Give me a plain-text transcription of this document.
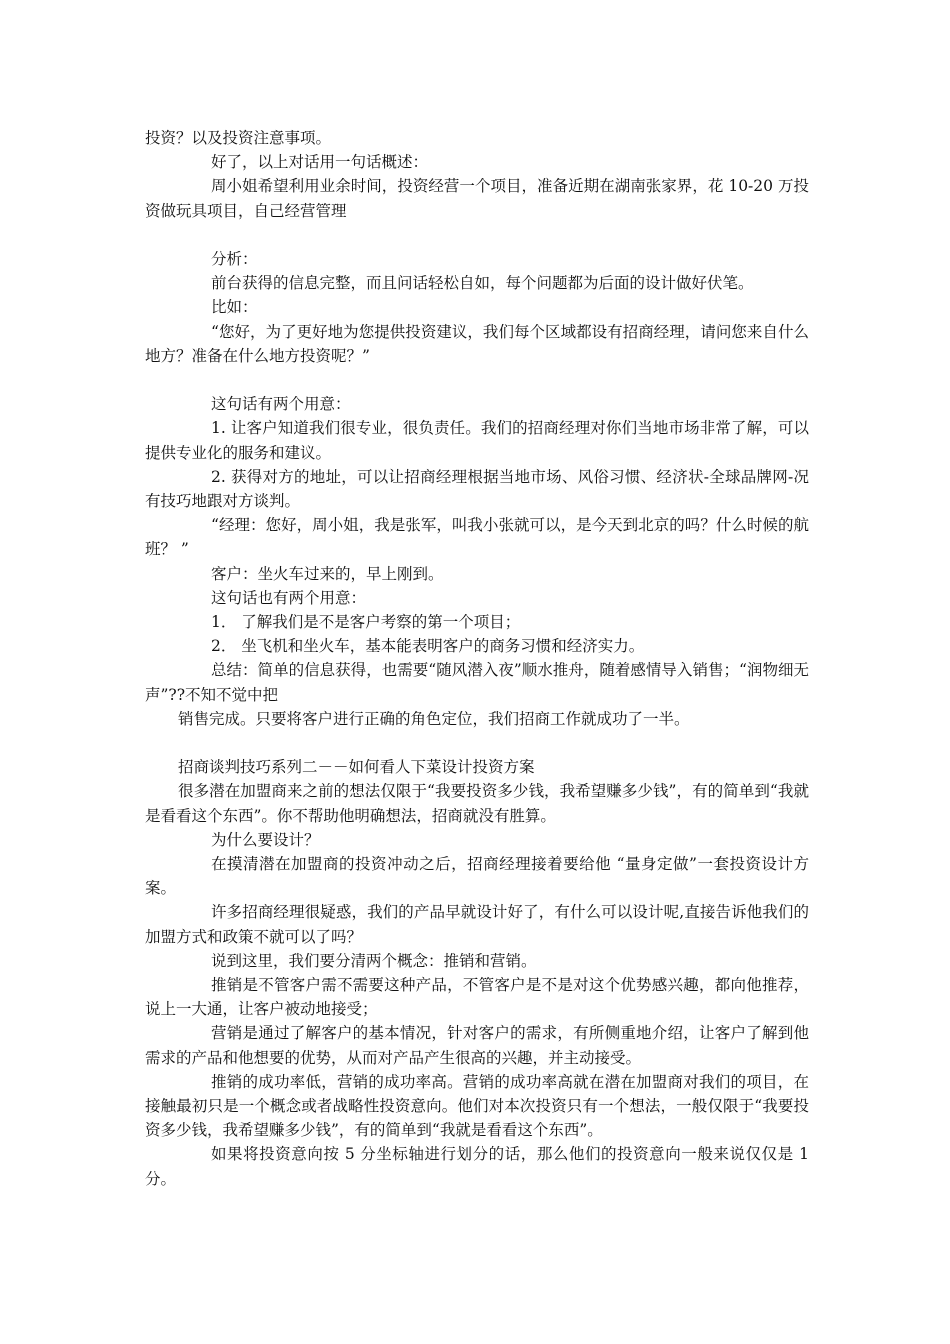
投资？以及投资注意事项。

好了，以上对话用一句话概述：

周小姐希望利用业余时间，投资经营一个项目，准备近期在湖南张家界，花 10-20 万投资做玩具项目，自己经营管理

分析：

前台获得的信息完整，而且问话轻松自如，每个问题都为后面的设计做好伏笔。

比如：

“您好，为了更好地为您提供投资建议，我们每个区域都设有招商经理，请问您来自什么地方？准备在什么地方投资呢？”

这句话有两个用意：

1. 让客户知道我们很专业，很负责任。我们的招商经理对你们当地市场非常了解，可以提供专业化的服务和建议。

2. 获得对方的地址，可以让招商经理根据当地市场、风俗习惯、经济状-全球品牌网-况有技巧地跟对方谈判。

“经理：您好，周小姐，我是张军，叫我小张就可以，是今天到北京的吗？什么时候的航班？ ”

客户：坐火车过来的，早上刚到。

这句话也有两个用意：

1． 了解我们是不是客户考察的第一个项目；

2． 坐飞机和坐火车，基本能表明客户的商务习惯和经济实力。

总结：简单的信息获得，也需要“随风潜入夜”顺水推舟，随着感情导入销售；“润物细无声”??不知不觉中把

销售完成。只要将客户进行正确的角色定位，我们招商工作就成功了一半。

招商谈判技巧系列二－－如何看人下菜设计投资方案

很多潜在加盟商来之前的想法仅限于“我要投资多少钱，我希望赚多少钱”，有的简单到“我就是看看这个东西”。你不帮助他明确想法，招商就没有胜算。

为什么要设计？

在摸清潜在加盟商的投资冲动之后，招商经理接着要给他 “量身定做”一套投资设计方案。

许多招商经理很疑惑，我们的产品早就设计好了，有什么可以设计呢,直接告诉他我们的加盟方式和政策不就可以了吗？

说到这里，我们要分清两个概念：推销和营销。

推销是不管客户需不需要这种产品，不管客户是不是对这个优势感兴趣，都向他推荐，说上一大通，让客户被动地接受；

营销是通过了解客户的基本情况，针对客户的需求，有所侧重地介绍，让客户了解到他需求的产品和他想要的优势，从而对产品产生很高的兴趣，并主动接受。

推销的成功率低，营销的成功率高。营销的成功率高就在潜在加盟商对我们的项目，在接触最初只是一个概念或者战略性投资意向。他们对本次投资只有一个想法，一般仅限于“我要投资多少钱，我希望赚多少钱”，有的简单到“我就是看看这个东西”。

如果将投资意向按 5 分坐标轴进行划分的话，那么他们的投资意向一般来说仅仅是 1 分。
